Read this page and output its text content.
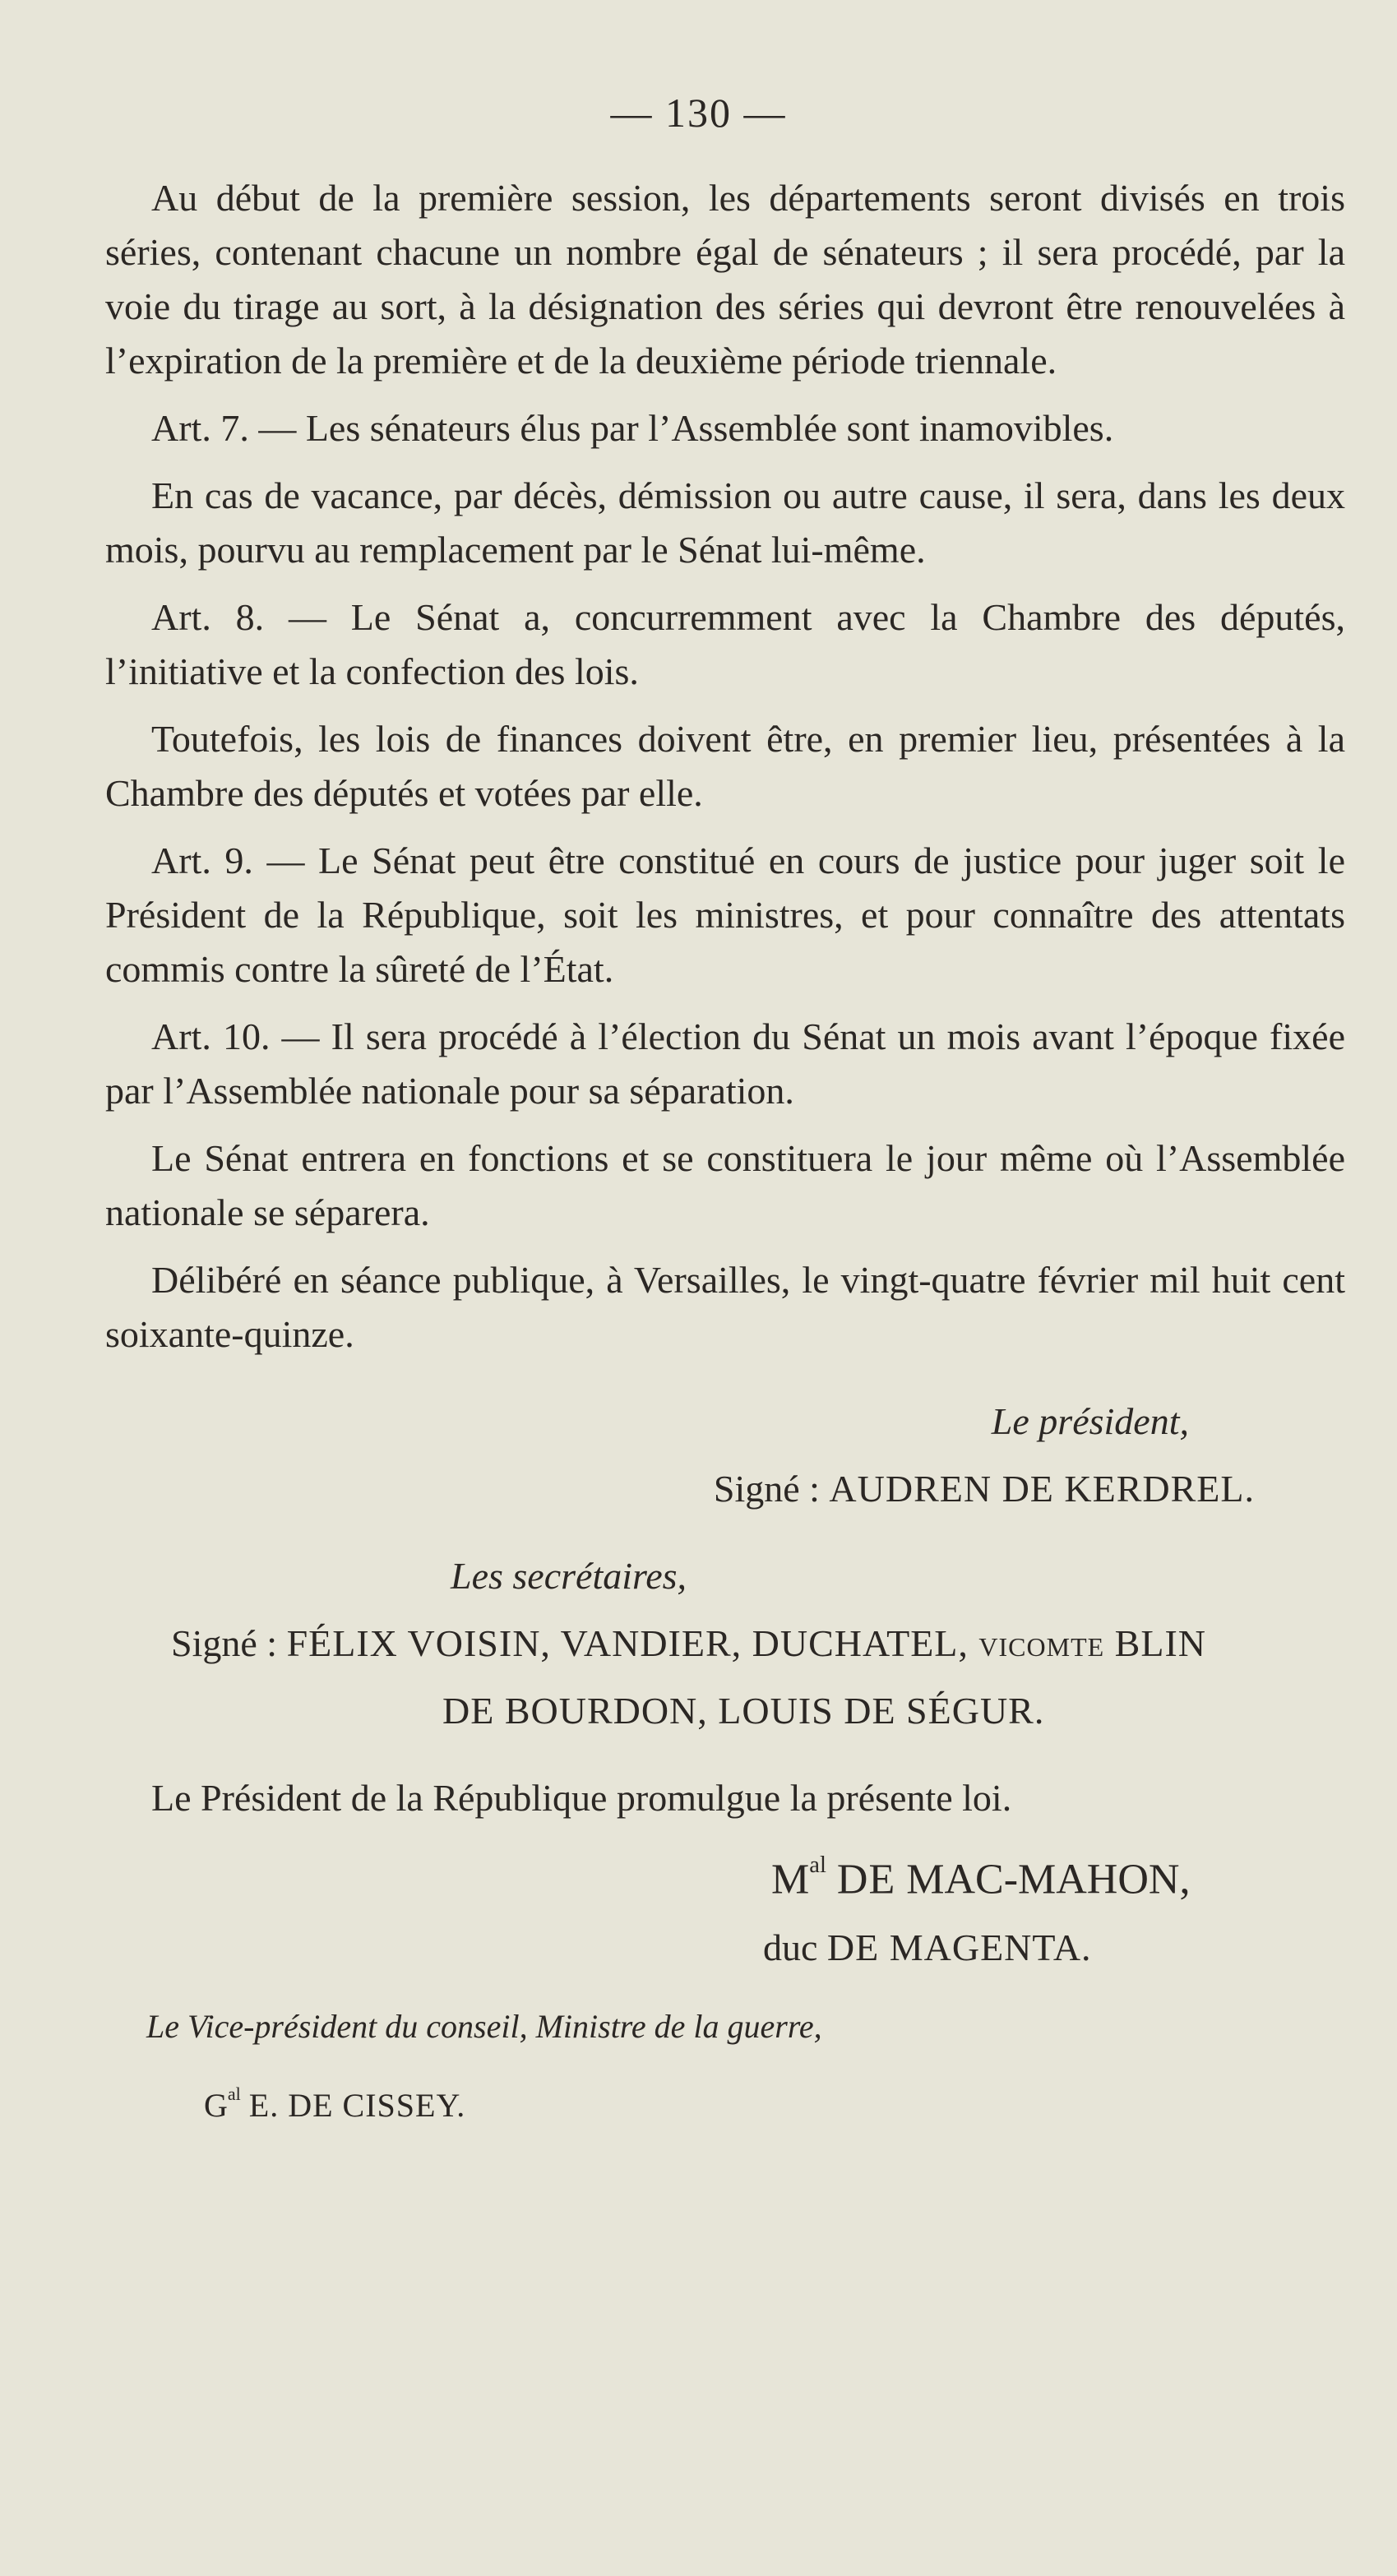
— 130 —

Au début de la première session, les départements seront divisés en trois séries, contenant chacune un nombre égal de sénateurs ; il sera procédé, par la voie du tirage au sort, à la désignation des séries qui devront être renouvelées à l’expiration de la première et de la deuxième période triennale.

Art. 7. — Les sénateurs élus par l’Assemblée sont inamovibles.

En cas de vacance, par décès, démission ou autre cause, il sera, dans les deux mois, pourvu au remplacement par le Sénat lui-même.

Art. 8. — Le Sénat a, concurremment avec la Chambre des députés, l’initiative et la confection des lois.

Toutefois, les lois de finances doivent être, en premier lieu, présentées à la Chambre des députés et votées par elle.

Art. 9. — Le Sénat peut être constitué en cours de justice pour juger soit le Président de la République, soit les ministres, et pour connaître des attentats commis contre la sûreté de l’État.

Art. 10. — Il sera procédé à l’élection du Sénat un mois avant l’époque fixée par l’Assemblée nationale pour sa séparation.

Le Sénat entrera en fonctions et se constituera le jour même où l’Assemblée nationale se séparera.

Délibéré en séance publique, à Versailles, le vingt-quatre février mil huit cent soixante-quinze.

Le président,

Signé : AUDREN DE KERDREL.

Les secrétaires,

Signé : FÉLIX VOISIN, VANDIER, DUCHATEL, vicomte BLIN

DE BOURDON, LOUIS DE SÉGUR.

Le Président de la République promulgue la présente loi.

$M^{al}$ DE MAC-MAHON,

duc DE MAGENTA.

Le Vice-président du conseil, Ministre de la guerre,

$G^{al}$ E. DE CISSEY.
